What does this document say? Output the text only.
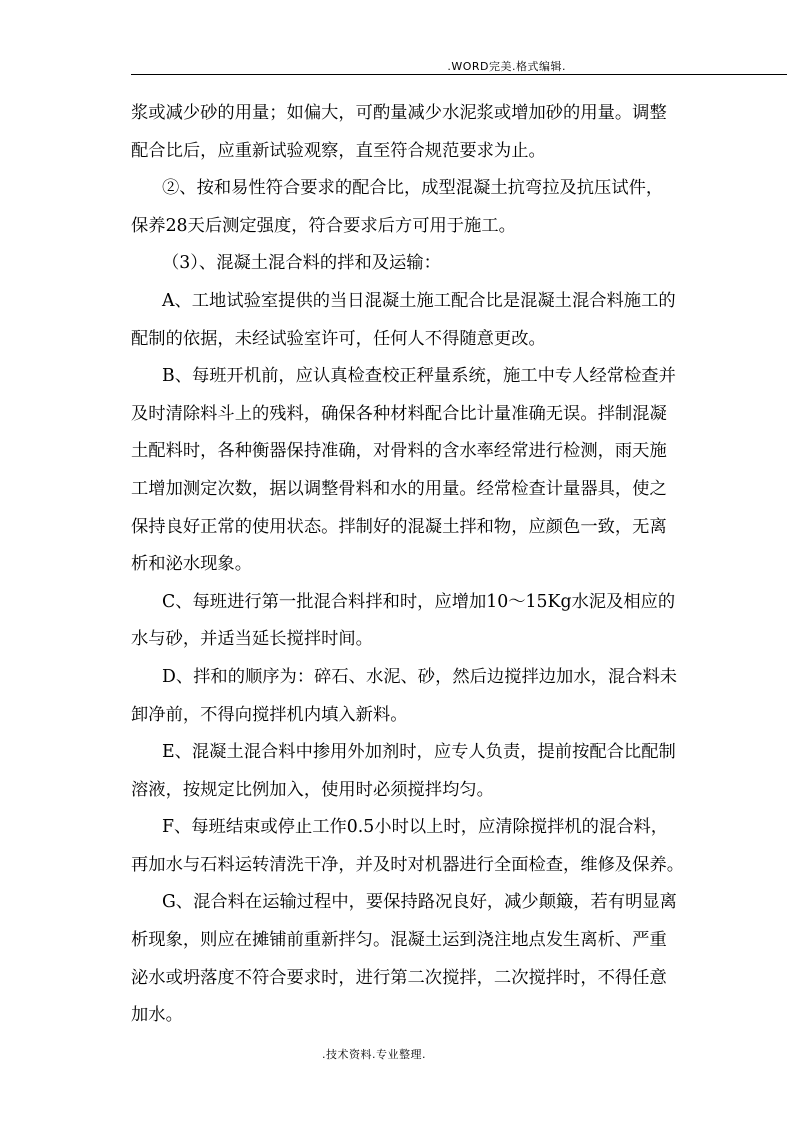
.WORD完美.格式编辑.
浆或减少砂的用量；如偏大，可酌量减少水泥浆或增加砂的用量。调整
配合比后，应重新试验观察，直至符合规范要求为止。
②、按和易性符合要求的配合比，成型混凝土抗弯拉及抗压试件，
保养28天后测定强度，符合要求后方可用于施工。
（3）、混凝土混合料的拌和及运输：
A、工地试验室提供的当日混凝土施工配合比是混凝土混合料施工的
配制的依据，未经试验室许可，任何人不得随意更改。
B、每班开机前，应认真检查校正秤量系统，施工中专人经常检查并
及时清除料斗上的残料，确保各种材料配合比计量准确无误。拌制混凝
土配料时，各种衡器保持准确，对骨料的含水率经常进行检测，雨天施
工增加测定次数，据以调整骨料和水的用量。经常检查计量器具，使之
保持良好正常的使用状态。拌制好的混凝土拌和物，应颜色一致，无离
析和泌水现象。
C、每班进行第一批混合料拌和时，应增加10～15Kg水泥及相应的
水与砂，并适当延长搅拌时间。
D、拌和的顺序为：碎石、水泥、砂，然后边搅拌边加水，混合料未
卸净前，不得向搅拌机内填入新料。
E、混凝土混合料中掺用外加剂时，应专人负责，提前按配合比配制
溶液，按规定比例加入，使用时必须搅拌均匀。
F、每班结束或停止工作0.5小时以上时，应清除搅拌机的混合料，
再加水与石料运转清洗干净，并及时对机器进行全面检查，维修及保养。
G、混合料在运输过程中，要保持路况良好，减少颠簸，若有明显离
析现象，则应在摊铺前重新拌匀。混凝土运到浇注地点发生离析、严重
泌水或坍落度不符合要求时，进行第二次搅拌，二次搅拌时，不得任意
加水。
.技术资料.专业整理.
